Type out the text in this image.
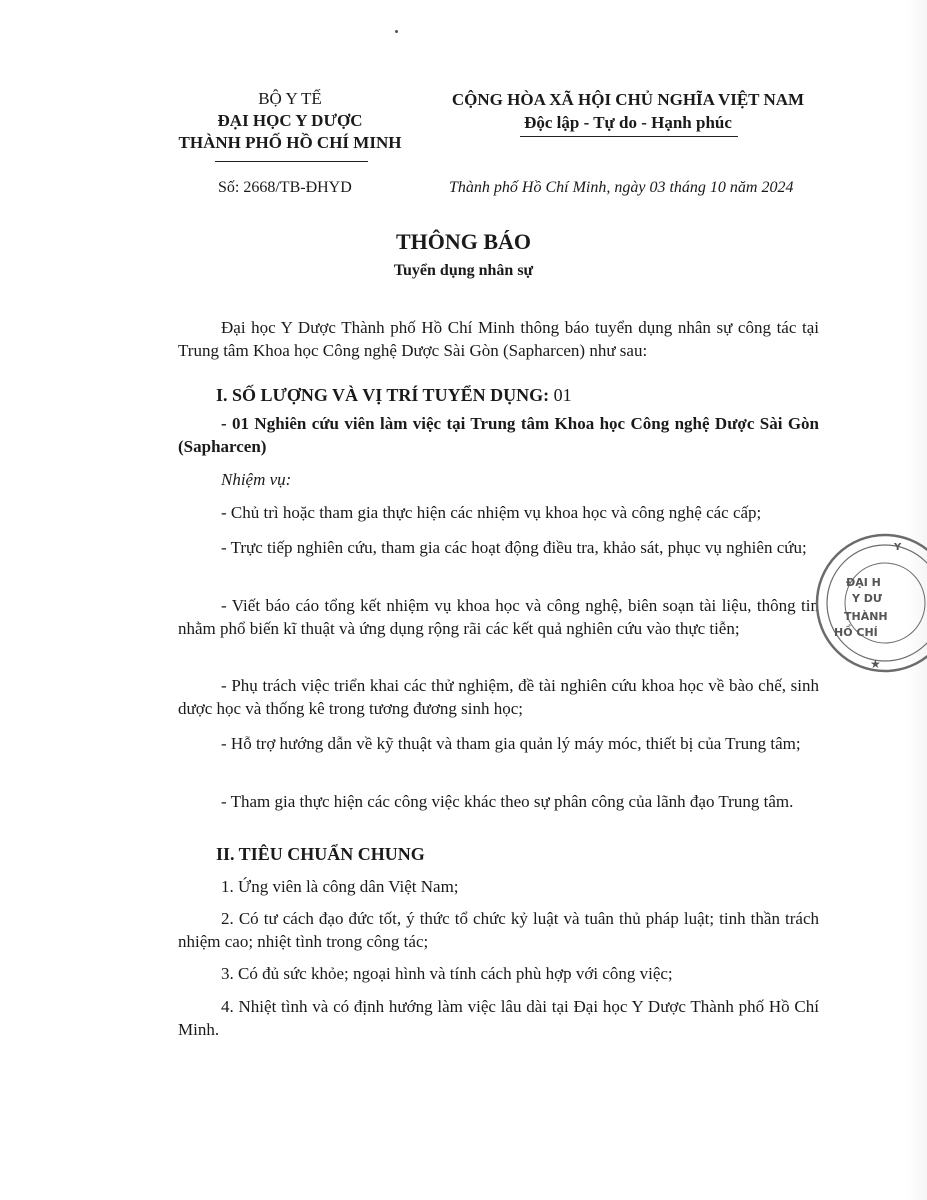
BỘ Y TẾ
ĐẠI HỌC Y DƯỢC
THÀNH PHỐ HỒ CHÍ MINH
CỘNG HÒA XÃ HỘI CHỦ NGHĨA VIỆT NAM
Độc lập - Tự do - Hạnh phúc
Số: 2668/TB-ĐHYD	Thành phố Hồ Chí Minh, ngày 03 tháng 10 năm 2024
THÔNG BÁO
Tuyển dụng nhân sự
Đại học Y Dược Thành phố Hồ Chí Minh thông báo tuyển dụng nhân sự công tác tại Trung tâm Khoa học Công nghệ Dược Sài Gòn (Sapharcen) như sau:
I. SỐ LƯỢNG VÀ VỊ TRÍ TUYỂN DỤNG: 01
- 01 Nghiên cứu viên làm việc tại Trung tâm Khoa học Công nghệ Dược Sài Gòn (Sapharcen)
Nhiệm vụ:
- Chủ trì hoặc tham gia thực hiện các nhiệm vụ khoa học và công nghệ các cấp;
- Trực tiếp nghiên cứu, tham gia các hoạt động điều tra, khảo sát, phục vụ nghiên cứu;
- Viết báo cáo tổng kết nhiệm vụ khoa học và công nghệ, biên soạn tài liệu, thông tin nhằm phổ biến kĩ thuật và ứng dụng rộng rãi các kết quả nghiên cứu vào thực tiễn;
- Phụ trách việc triển khai các thử nghiệm, đề tài nghiên cứu khoa học về bào chế, sinh dược học và thống kê trong tương đương sinh học;
- Hỗ trợ hướng dẫn về kỹ thuật và tham gia quản lý máy móc, thiết bị của Trung tâm;
- Tham gia thực hiện các công việc khác theo sự phân công của lãnh đạo Trung tâm.
II. TIÊU CHUẨN CHUNG
1. Ứng viên là công dân Việt Nam;
2. Có tư cách đạo đức tốt, ý thức tổ chức kỷ luật và tuân thủ pháp luật; tinh thần trách nhiệm cao; nhiệt tình trong công tác;
3. Có đủ sức khỏe; ngoại hình và tính cách phù hợp với công việc;
4. Nhiệt tình và có định hướng làm việc lâu dài tại Đại học Y Dược Thành phố Hồ Chí Minh.
Y
ĐẠI H
Y DƯ
THÀNH
HỒ CHÍ
★
